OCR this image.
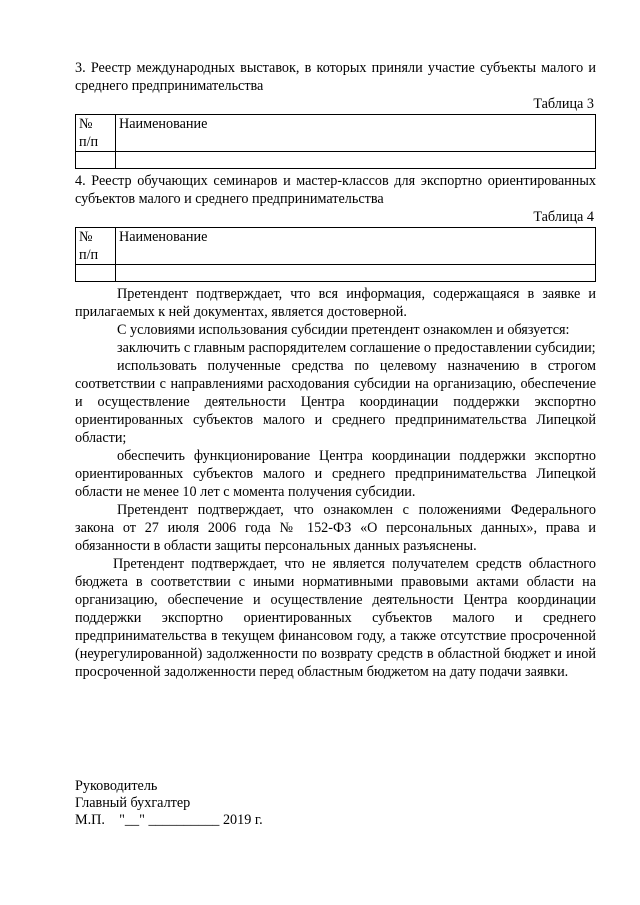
3. Реестр международных выставок, в которых приняли участие субъекты малого и среднего предпринимательства

Таблица 3

№
п/п	Наименование

4. Реестр обучающих семинаров и мастер-классов для экспортно ориентированных субъектов малого и среднего предпринимательства

Таблица 4

№
п/п	Наименование

Претендент подтверждает, что вся информация, содержащаяся в заявке и прилагаемых к ней документах, является достоверной.

С условиями использования субсидии претендент ознакомлен и обязуется:

заключить с главным распорядителем соглашение о предоставлении субсидии;

использовать полученные средства по целевому назначению в строгом соответствии с направлениями расходования субсидии на организацию, обеспечение и осуществление деятельности Центра координации поддержки экспортно ориентированных субъектов малого и среднего предпринимательства Липецкой области;

обеспечить функционирование Центра координации поддержки экспортно ориентированных субъектов малого и среднего предпринимательства Липецкой области не менее 10 лет с момента получения субсидии.

Претендент подтверждает, что ознакомлен с положениями Федерального закона от 27 июля 2006 года № 152-ФЗ «О персональных данных», права и обязанности в области защиты персональных данных разъяснены.

Претендент подтверждает, что не является получателем средств областного бюджета в соответствии с иными нормативными правовыми актами области на организацию, обеспечение и осуществление деятельности Центра координации поддержки экспортно ориентированных субъектов малого и среднего предпринимательства в текущем финансовом году, а также отсутствие просроченной (неурегулированной) задолженности по возврату средств в областной бюджет и иной просроченной задолженности перед областным бюджетом на дату подачи заявки.

Руководитель

Главный бухгалтер

М.П.    "__" __________ 2019 г.
